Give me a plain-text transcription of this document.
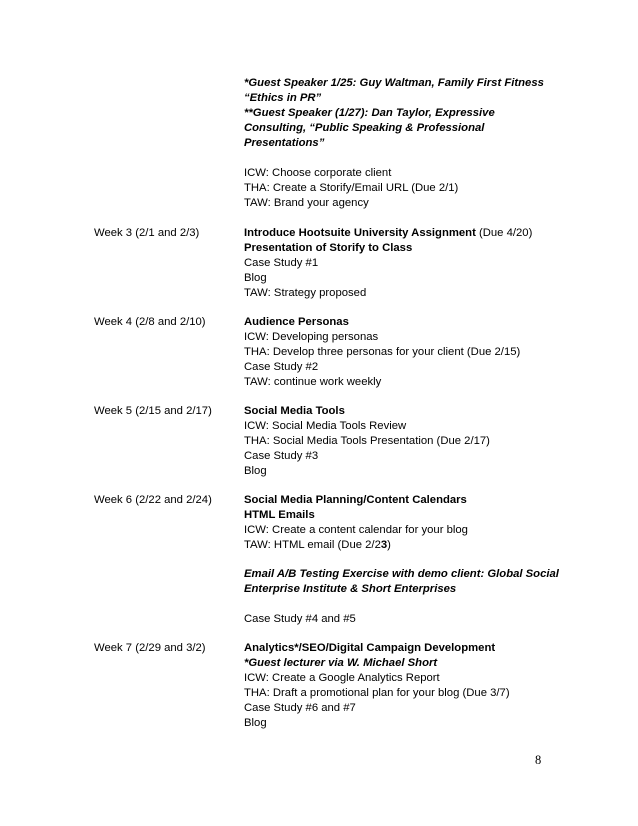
*Guest Speaker 1/25: Guy Waltman, Family First Fitness
“Ethics in PR”
**Guest Speaker (1/27): Dan Taylor, Expressive
Consulting, “Public Speaking & Professional
Presentations”
ICW: Choose corporate client
THA: Create a Storify/Email URL (Due 2/1)
TAW: Brand your agency
Week 3 (2/1 and 2/3)	Introduce Hootsuite University Assignment (Due 4/20)
Presentation of Storify to Class
Case Study #1
Blog
TAW: Strategy proposed
Week 4 (2/8 and 2/10)	Audience Personas
ICW: Developing personas
THA: Develop three personas for your client (Due 2/15)
Case Study #2
TAW: continue work weekly
Week 5 (2/15 and 2/17)	Social Media Tools
ICW: Social Media Tools Review
THA: Social Media Tools Presentation (Due 2/17)
Case Study #3
Blog
Week 6 (2/22 and 2/24)	Social Media Planning/Content Calendars
HTML Emails
ICW: Create a content calendar for your blog
TAW: HTML email (Due 2/23)
Email A/B Testing Exercise with demo client: Global Social
Enterprise Institute & Short Enterprises
Case Study #4 and #5
Week 7 (2/29 and 3/2)	Analytics*/SEO/Digital Campaign Development
*Guest lecturer via W. Michael Short
ICW: Create a Google Analytics Report
THA: Draft a promotional plan for your blog (Due 3/7)
Case Study #6 and #7
Blog
8
